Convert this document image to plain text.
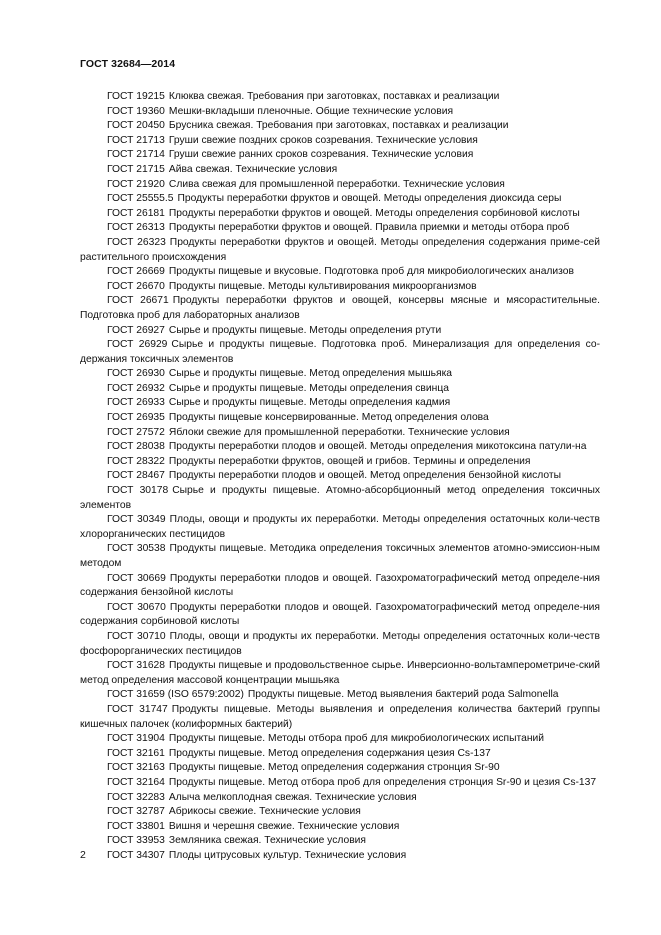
ГОСТ 32684—2014
ГОСТ 19215 Клюква свежая. Требования при заготовках, поставках и реализации
ГОСТ 19360 Мешки-вкладыши пленочные. Общие технические условия
ГОСТ 20450 Брусника свежая. Требования при заготовках, поставках и реализации
ГОСТ 21713 Груши свежие поздних сроков созревания. Технические условия
ГОСТ 21714 Груши свежие ранних сроков созревания. Технические условия
ГОСТ 21715 Айва свежая. Технические условия
ГОСТ 21920 Слива свежая для промышленной переработки. Технические условия
ГОСТ 25555.5 Продукты переработки фруктов и овощей. Методы определения диоксида серы
ГОСТ 26181 Продукты переработки фруктов и овощей. Методы определения сорбиновой кислоты
ГОСТ 26313 Продукты переработки фруктов и овощей. Правила приемки и методы отбора проб
ГОСТ 26323 Продукты переработки фруктов и овощей. Методы определения содержания приме-сей растительного происхождения
ГОСТ 26669 Продукты пищевые и вкусовые. Подготовка проб для микробиологических анализов
ГОСТ 26670 Продукты пищевые. Методы культивирования микроорганизмов
ГОСТ 26671 Продукты переработки фруктов и овощей, консервы мясные и мясорастительные. Подготовка проб для лабораторных анализов
ГОСТ 26927 Сырье и продукты пищевые. Методы определения ртути
ГОСТ 26929 Сырье и продукты пищевые. Подготовка проб. Минерализация для определения со-держания токсичных элементов
ГОСТ 26930 Сырье и продукты пищевые. Метод определения мышьяка
ГОСТ 26932 Сырье и продукты пищевые. Методы определения свинца
ГОСТ 26933 Сырье и продукты пищевые. Методы определения кадмия
ГОСТ 26935 Продукты пищевые консервированные. Метод определения олова
ГОСТ 27572 Яблоки свежие для промышленной переработки. Технические условия
ГОСТ 28038 Продукты переработки плодов и овощей. Методы определения микотоксина патули-на
ГОСТ 28322 Продукты переработки фруктов, овощей и грибов. Термины и определения
ГОСТ 28467 Продукты переработки плодов и овощей. Метод определения бензойной кислоты
ГОСТ 30178 Сырье и продукты пищевые. Атомно-абсорбционный метод определения токсичных элементов
ГОСТ 30349 Плоды, овощи и продукты их переработки. Методы определения остаточных коли-честв хлорорганических пестицидов
ГОСТ 30538 Продукты пищевые. Методика определения токсичных элементов атомно-эмиссион-ным методом
ГОСТ 30669 Продукты переработки плодов и овощей. Газохроматографический метод определе-ния содержания бензойной кислоты
ГОСТ 30670 Продукты переработки плодов и овощей. Газохроматографический метод определе-ния содержания сорбиновой кислоты
ГОСТ 30710 Плоды, овощи и продукты их переработки. Методы определения остаточных коли-честв фосфорорганических пестицидов
ГОСТ 31628 Продукты пищевые и продовольственное сырье. Инверсионно-вольтамперометриче-ский метод определения массовой концентрации мышьяка
ГОСТ 31659 (ISO 6579:2002) Продукты пищевые. Метод выявления бактерий рода Salmonella
ГОСТ 31747 Продукты пищевые. Методы выявления и определения количества бактерий группы кишечных палочек (колиформных бактерий)
ГОСТ 31904 Продукты пищевые. Методы отбора проб для микробиологических испытаний
ГОСТ 32161 Продукты пищевые. Метод определения содержания цезия Cs-137
ГОСТ 32163 Продукты пищевые. Метод определения содержания стронция Sr-90
ГОСТ 32164 Продукты пищевые. Метод отбора проб для определения стронция Sr-90 и цезия Cs-137
ГОСТ 32283 Алыча мелкоплодная свежая. Технические условия
ГОСТ 32787 Абрикосы свежие. Технические условия
ГОСТ 33801 Вишня и черешня свежие. Технические условия
ГОСТ 33953 Земляника свежая. Технические условия
ГОСТ 34307 Плоды цитрусовых культур. Технические условия
2
